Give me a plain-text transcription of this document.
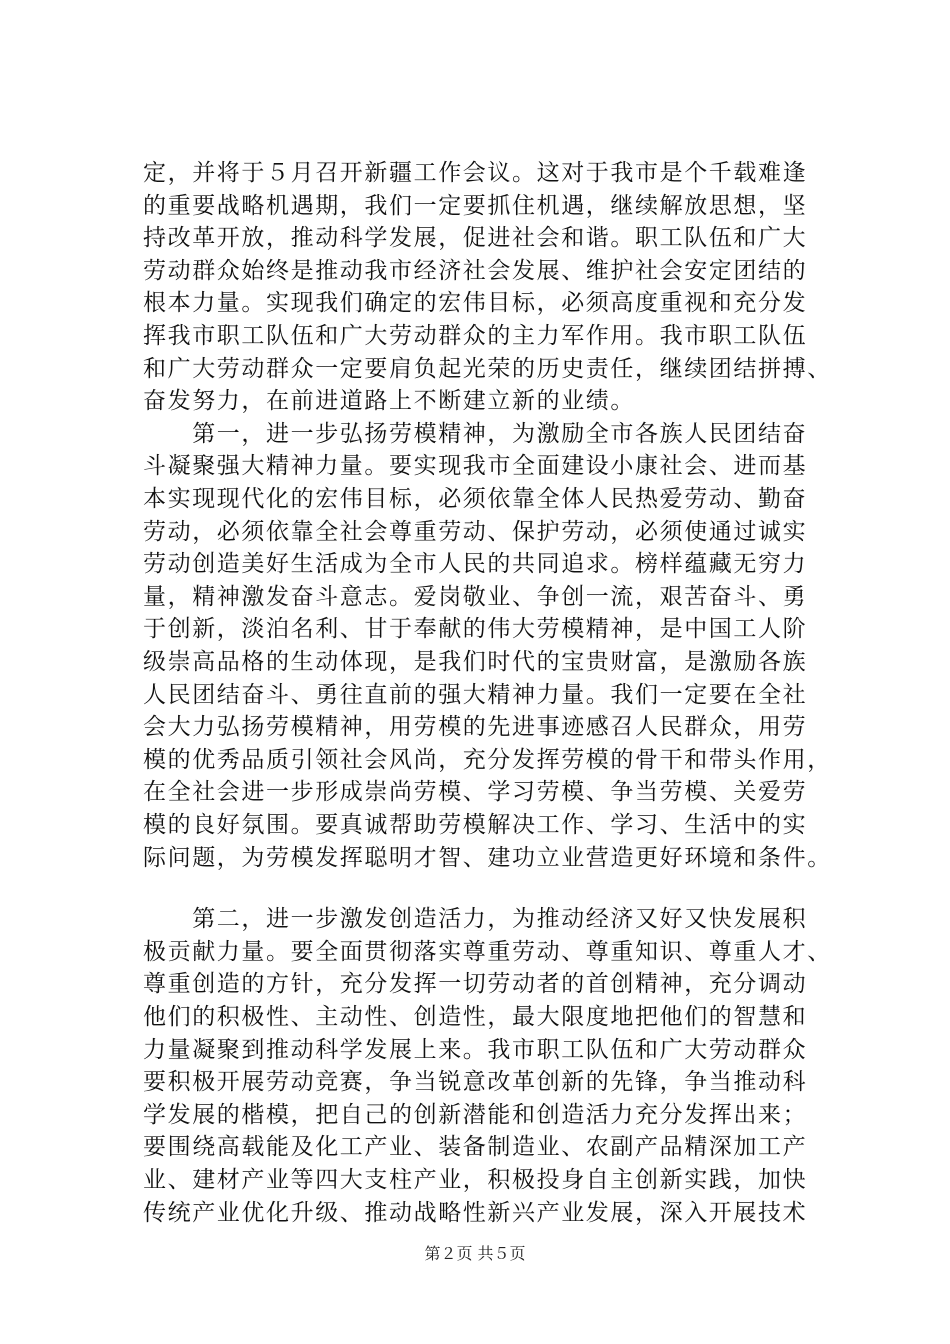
定，并将于５月召开新疆工作会议。这对于我市是个千载难逢
的重要战略机遇期，我们一定要抓住机遇，继续解放思想，坚
持改革开放，推动科学发展，促进社会和谐。职工队伍和广大
劳动群众始终是推动我市经济社会发展、维护社会安定团结的
根本力量。实现我们确定的宏伟目标，必须高度重视和充分发
挥我市职工队伍和广大劳动群众的主力军作用。我市职工队伍
和广大劳动群众一定要肩负起光荣的历史责任，继续团结拼搏、
奋发努力，在前进道路上不断建立新的业绩。
　　第一，进一步弘扬劳模精神，为激励全市各族人民团结奋
斗凝聚强大精神力量。要实现我市全面建设小康社会、进而基
本实现现代化的宏伟目标，必须依靠全体人民热爱劳动、勤奋
劳动，必须依靠全社会尊重劳动、保护劳动，必须使通过诚实
劳动创造美好生活成为全市人民的共同追求。榜样蕴藏无穷力
量，精神激发奋斗意志。爱岗敬业、争创一流，艰苦奋斗、勇
于创新，淡泊名利、甘于奉献的伟大劳模精神，是中国工人阶
级崇高品格的生动体现，是我们时代的宝贵财富，是激励各族
人民团结奋斗、勇往直前的强大精神力量。我们一定要在全社
会大力弘扬劳模精神，用劳模的先进事迹感召人民群众，用劳
模的优秀品质引领社会风尚，充分发挥劳模的骨干和带头作用，
在全社会进一步形成崇尚劳模、学习劳模、争当劳模、关爱劳
模的良好氛围。要真诚帮助劳模解决工作、学习、生活中的实
际问题，为劳模发挥聪明才智、建功立业营造更好环境和条件。
　　第二，进一步激发创造活力，为推动经济又好又快发展积
极贡献力量。要全面贯彻落实尊重劳动、尊重知识、尊重人才、
尊重创造的方针，充分发挥一切劳动者的首创精神，充分调动
他们的积极性、主动性、创造性，最大限度地把他们的智慧和
力量凝聚到推动科学发展上来。我市职工队伍和广大劳动群众
要积极开展劳动竞赛，争当锐意改革创新的先锋，争当推动科
学发展的楷模，把自己的创新潜能和创造活力充分发挥出来；
要围绕高载能及化工产业、装备制造业、农副产品精深加工产
业、建材产业等四大支柱产业，积极投身自主创新实践，加快
传统产业优化升级、推动战略性新兴产业发展，深入开展技术
第２页 共５页
